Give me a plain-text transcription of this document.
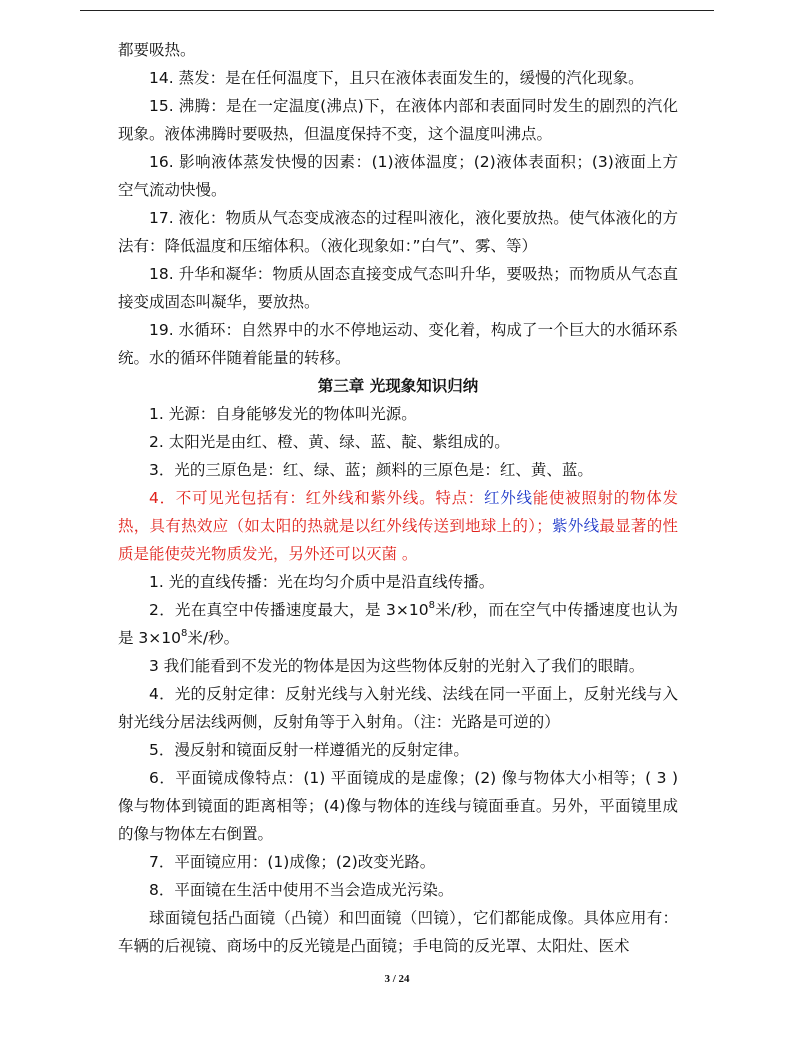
都要吸热。

14. 蒸发：是在任何温度下，且只在液体表面发生的，缓慢的汽化现象。

15. 沸腾：是在一定温度(沸点)下，在液体内部和表面同时发生的剧烈的汽化现象。液体沸腾时要吸热，但温度保持不变，这个温度叫沸点。

16. 影响液体蒸发快慢的因素：(1)液体温度；(2)液体表面积；(3)液面上方空气流动快慢。

17. 液化：物质从气态变成液态的过程叫液化，液化要放热。使气体液化的方法有：降低温度和压缩体积。（液化现象如：”白气”、雾、等）

18. 升华和凝华：物质从固态直接变成气态叫升华，要吸热；而物质从气态直接变成固态叫凝华，要放热。

19. 水循环：自然界中的水不停地运动、变化着，构成了一个巨大的水循环系统。水的循环伴随着能量的转移。

第三章 光现象知识归纳

1. 光源：自身能够发光的物体叫光源。

2. 太阳光是由红、橙、黄、绿、蓝、靛、紫组成的。

3．光的三原色是：红、绿、蓝；颜料的三原色是：红、黄、蓝。

4．不可见光包括有：红外线和紫外线。特点：红外线能使被照射的物体发热，具有热效应（如太阳的热就是以红外线传送到地球上的）；紫外线最显著的性质是能使荧光物质发光，另外还可以灭菌 。

1. 光的直线传播：光在均匀介质中是沿直线传播。

2．光在真空中传播速度最大，是 $3\times 10^8$米/秒，而在空气中传播速度也认为是 $3\times 10^8$米/秒。

3 我们能看到不发光的物体是因为这些物体反射的光射入了我们的眼睛。

4．光的反射定律：反射光线与入射光线、法线在同一平面上，反射光线与入射光线分居法线两侧，反射角等于入射角。（注：光路是可逆的）

5．漫反射和镜面反射一样遵循光的反射定律。

6．平面镜成像特点：(1) 平面镜成的是虚像；(2) 像与物体大小相等；( 3 ) 像与物体到镜面的距离相等；(4)像与物体的连线与镜面垂直。另外，平面镜里成的像与物体左右倒置。

7．平面镜应用：(1)成像；(2)改变光路。

8．平面镜在生活中使用不当会造成光污染。

球面镜包括凸面镜（凸镜）和凹面镜（凹镜），它们都能成像。具体应用有：车辆的后视镜、商场中的反光镜是凸面镜；手电筒的反光罩、太阳灶、医术

3 / 24
